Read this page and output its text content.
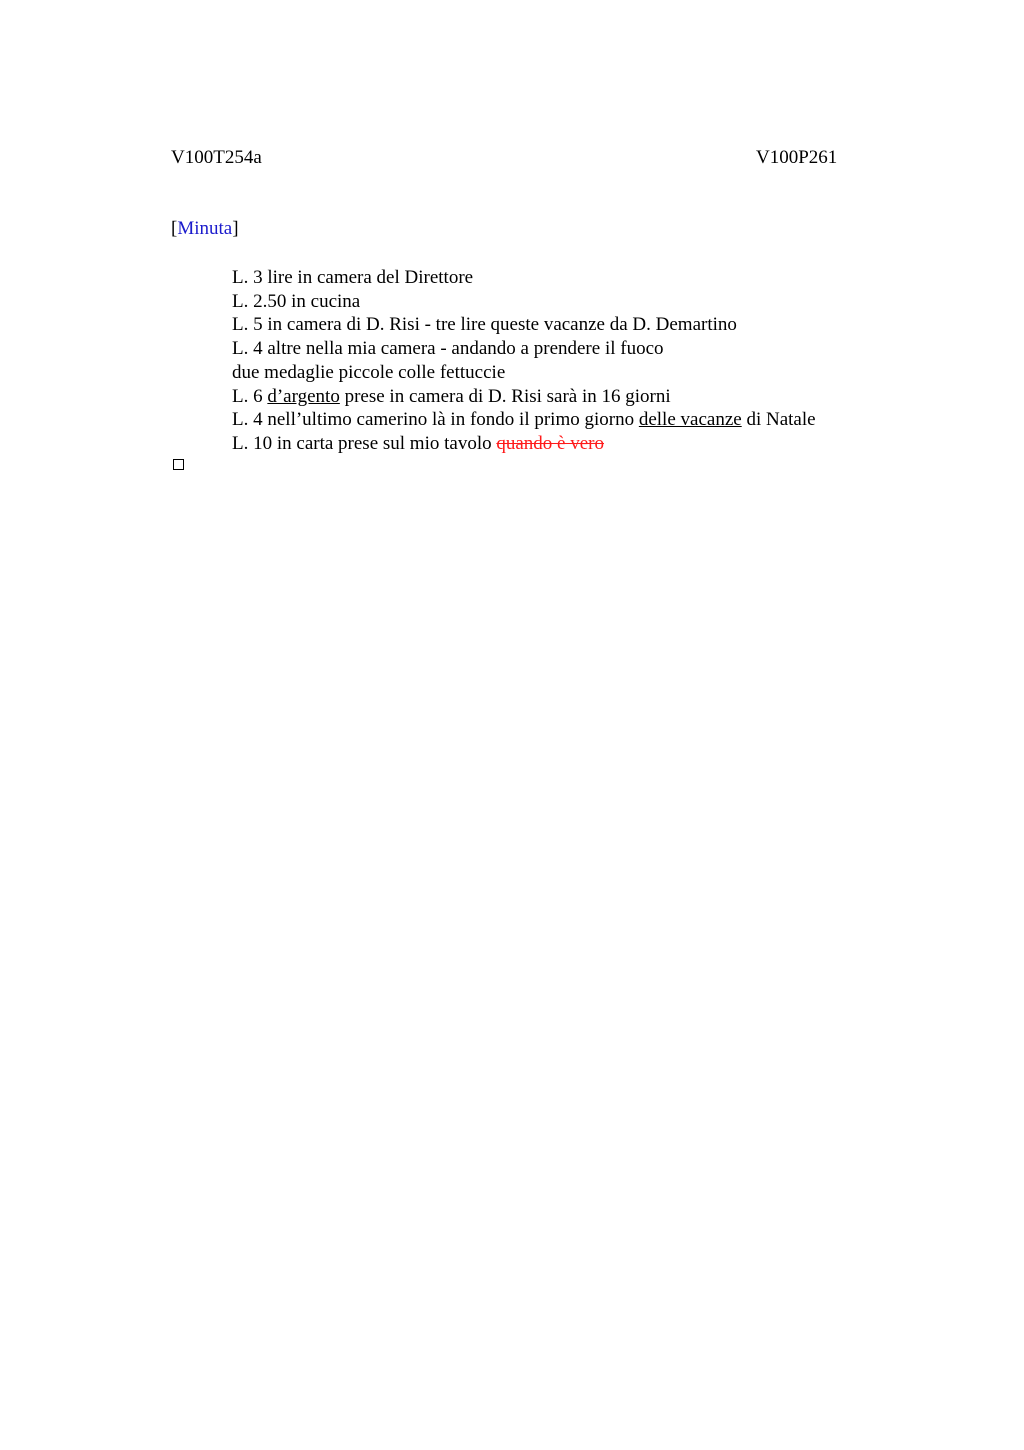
V100T254a	V100P261
[Minuta]
L. 3 lire in camera del Direttore
L. 2.50 in cucina
L. 5 in camera di D. Risi - tre lire queste vacanze da D. Demartino
L. 4 altre nella mia camera - andando a prendere il fuoco
due medaglie piccole colle fettuccie
L. 6 d’argento prese in camera di D. Risi sarà in 16 giorni
L. 4 nell’ultimo camerino là in fondo il primo giorno delle vacanze di Natale
L. 10 in carta prese sul mio tavolo quando è vero
